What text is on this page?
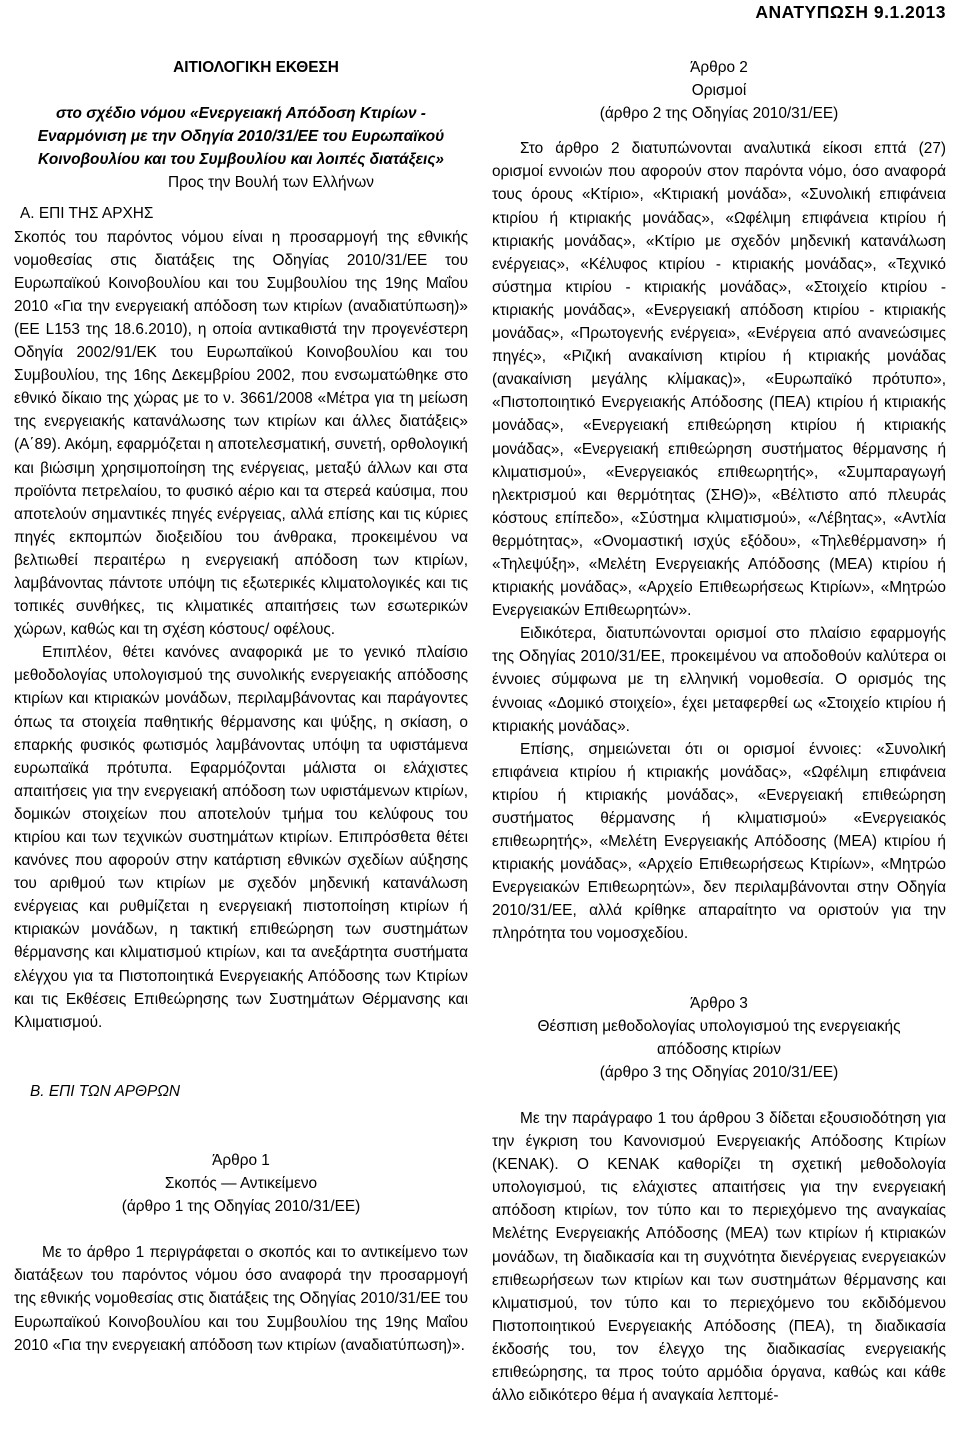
ΑΝΑΤΥΠΩΣΗ 9.1.2013
ΑΙΤΙΟΛΟΓΙΚΗ ΕΚΘΕΣΗ
στο σχέδιο νόμου «Ενεργειακή Απόδοση Κτιρίων - Εναρμόνιση με την Οδηγία 2010/31/ΕΕ του Ευρωπαϊκού Κοινοβουλίου και του Συμβουλίου και λοιπές διατάξεις»
Προς την Βουλή των Ελλήνων

Α. ΕΠΙ ΤΗΣ ΑΡΧΗΣ

Σκοπός του παρόντος νόμου είναι η προσαρμογή της εθνικής νομοθεσίας στις διατάξεις της Οδηγίας 2010/31/ΕΕ του Ευρωπαϊκού Κοινοβουλίου και του Συμβουλίου της 19ης Μαΐου 2010 «Για την ενεργειακή απόδοση των κτιρίων (αναδιατύπωση)» (ΕΕ L153 της 18.6.2010), η οποία αντικαθιστά την προγενέστερη Οδηγία 2002/91/ΕΚ του Ευρωπαϊκού Κοινοβουλίου και του Συμβουλίου, της 16ης Δεκεμβρίου 2002, που ενσωματώθηκε στο εθνικό δίκαιο της χώρας με το ν. 3661/2008 «Μέτρα για τη μείωση της ενεργειακής κατανάλωσης των κτιρίων και άλλες διατάξεις» (Α΄89). Ακόμη, εφαρμόζεται η αποτελεσματική, συνετή, ορθολογική και βιώσιμη χρησιμοποίηση της ενέργειας, μεταξύ άλλων και στα προϊόντα πετρελαίου, το φυσικό αέριο και τα στερεά καύσιμα, που αποτελούν σημαντικές πηγές ενέργειας, αλλά επίσης και τις κύριες πηγές εκπομπών διοξειδίου του άνθρακα, προκειμένου να βελτιωθεί περαιτέρω η ενεργειακή απόδοση των κτιρίων, λαμβάνοντας πάντοτε υπόψη τις εξωτερικές κλιματολογικές και τις τοπικές συνθήκες, τις κλιματικές απαιτήσεις των εσωτερικών χώρων, καθώς και τη σχέση κόστους/ οφέλους.

Επιπλέον, θέτει κανόνες αναφορικά με το γενικό πλαίσιο μεθοδολογίας υπολογισμού της συνολικής ενεργειακής απόδοσης κτιρίων και κτιριακών μονάδων, περιλαμβάνοντας και παράγοντες όπως τα στοιχεία παθητικής θέρμανσης και ψύξης, η σκίαση, ο επαρκής φυσικός φωτισμός λαμβάνοντας υπόψη τα υφιστάμενα ευρωπαϊκά πρότυπα. Εφαρμόζονται μάλιστα οι ελάχιστες απαιτήσεις για την ενεργειακή απόδοση των υφιστάμενων κτιρίων, δομικών στοιχείων που αποτελούν τμήμα του κελύφους του κτιρίου και των τεχνικών συστημάτων κτιρίων. Επιπρόσθετα θέτει κανόνες που αφορούν στην κατάρτιση εθνικών σχεδίων αύξησης του αριθμού των κτιρίων με σχεδόν μηδενική κατανάλωση ενέργειας και ρυθμίζεται η ενεργειακή πιστοποίηση κτιρίων ή κτιριακών μονάδων, η τακτική επιθεώρηση των συστημάτων θέρμανσης και κλιματισμού κτιρίων, και τα ανεξάρτητα συστήματα ελέγχου για τα Πιστοποιητικά Ενεργειακής Απόδοσης των Κτιρίων και τις Εκθέσεις Επιθεώρησης των Συστημάτων Θέρμανσης και Κλιματισμού.

Β. ΕΠΙ ΤΩΝ ΑΡΘΡΩΝ

Άρθρο 1
Σκοπός — Αντικείμενο
(άρθρο 1 της Οδηγίας 2010/31/ΕΕ)

Με το άρθρο 1 περιγράφεται ο σκοπός και το αντικείμενο των διατάξεων του παρόντος νόμου όσο αναφορά την προσαρμογή της εθνικής νομοθεσίας στις διατάξεις της Οδηγίας 2010/31/ΕΕ του Ευρωπαϊκού Κοινοβουλίου και του Συμβουλίου της 19ης Μαΐου 2010 «Για την ενεργειακή απόδοση των κτιρίων (αναδιατύπωση)».

Άρθρο 2
Ορισμοί
(άρθρο 2 της Οδηγίας 2010/31/ΕΕ)

Στο άρθρο 2 διατυπώνονται αναλυτικά είκοσι επτά (27) ορισμοί εννοιών που αφορούν στον παρόντα νόμο, όσο αναφορά τους όρους «Κτίριο», «Κτιριακή μονάδα», «Συνολική επιφάνεια κτιρίου ή κτιριακής μονάδας», «Ωφέλιμη επιφάνεια κτιρίου ή κτιριακής μονάδας», «Κτίριο με σχεδόν μηδενική κατανάλωση ενέργειας», «Κέλυφος κτιρίου - κτιριακής μονάδας», «Τεχνικό σύστημα κτιρίου - κτιριακής μονάδας», «Στοιχείο κτιρίου - κτιριακής μονάδας», «Ενεργειακή απόδοση κτιρίου - κτιριακής μονάδας», «Πρωτογενής ενέργεια», «Ενέργεια από ανανεώσιμες πηγές», «Ριζική ανακαίνιση κτιρίου ή κτιριακής μονάδας (ανακαίνιση μεγάλης κλίμακας)», «Ευρωπαϊκό πρότυπο», «Πιστοποιητικό Ενεργειακής Απόδοσης (ΠΕΑ) κτιρίου ή κτιριακής μονάδας», «Ενεργειακή επιθεώρηση κτιρίου ή κτιριακής μονάδας», «Ενεργειακή επιθεώρηση συστήματος θέρμανσης ή κλιματισμού», «Ενεργειακός επιθεωρητής», «Συμπαραγωγή ηλεκτρισμού και θερμότητας (ΣΗΘ)», «Βέλτιστο από πλευράς κόστους επίπεδο», «Σύστημα κλιματισμού», «Λέβητας», «Αντλία θερμότητας», «Ονομαστική ισχύς εξόδου», «Τηλεθέρμανση» ή «Τηλεψύξη», «Μελέτη Ενεργειακής Απόδοσης (ΜΕΑ) κτιρίου ή κτιριακής μονάδας», «Αρχείο Επιθεωρήσεως Κτιρίων», «Μητρώο Ενεργειακών Επιθεωρητών».

Ειδικότερα, διατυπώνονται ορισμοί στο πλαίσιο εφαρμογής της Οδηγίας 2010/31/ΕΕ, προκειμένου να αποδοθούν καλύτερα οι έννοιες σύμφωνα με τη ελληνική νομοθεσία. Ο ορισμός της έννοιας «Δομικό στοιχείο», έχει μεταφερθεί ως «Στοιχείο κτιρίου ή κτιριακής μονάδας».

Επίσης, σημειώνεται ότι οι ορισμοί έννοιες: «Συνολική επιφάνεια κτιρίου ή κτιριακής μονάδας», «Ωφέλιμη επιφάνεια κτιρίου ή κτιριακής μονάδας», «Ενεργειακή επιθεώρηση συστήματος θέρμανσης ή κλιματισμού» «Ενεργειακός επιθεωρητής», «Μελέτη Ενεργειακής Απόδοσης (ΜΕΑ) κτιρίου ή κτιριακής μονάδας», «Αρχείο Επιθεωρήσεως Κτιρίων», «Μητρώο Ενεργειακών Επιθεωρητών», δεν περιλαμβάνονται στην Οδηγία 2010/31/ΕΕ, αλλά κρίθηκε απαραίτητο να οριστούν για την πληρότητα του νομοσχεδίου.

Άρθρο 3
Θέσπιση μεθοδολογίας υπολογισμού της ενεργειακής
απόδοσης κτιρίων
(άρθρο 3 της Οδηγίας 2010/31/ΕΕ)

Με την παράγραφο 1 του άρθρου 3 δίδεται εξουσιοδότηση για την έγκριση του Κανονισμού Ενεργειακής Απόδοσης Κτιρίων (ΚΕΝΑΚ). Ο ΚΕΝΑΚ καθορίζει τη σχετική μεθοδολογία υπολογισμού, τις ελάχιστες απαιτήσεις για την ενεργειακή απόδοση κτιρίων, τον τύπο και το περιεχόμενο της αναγκαίας Μελέτης Ενεργειακής Απόδοσης (ΜΕΑ) των κτιρίων ή κτιριακών μονάδων, τη διαδικασία και τη συχνότητα διενέργειας ενεργειακών επιθεωρήσεων των κτιρίων και των συστημάτων θέρμανσης και κλιματισμού, τον τύπο και το περιεχόμενο του εκδιδόμενου Πιστοποιητικού Ενεργειακής Απόδοσης (ΠΕΑ), τη διαδικασία έκδοσής του, τον έλεγχο της διαδικασίας ενεργειακής επιθεώρησης, τα προς τούτο αρμόδια όργανα, καθώς και κάθε άλλο ειδικότερο θέμα ή αναγκαία λεπτομέ-
